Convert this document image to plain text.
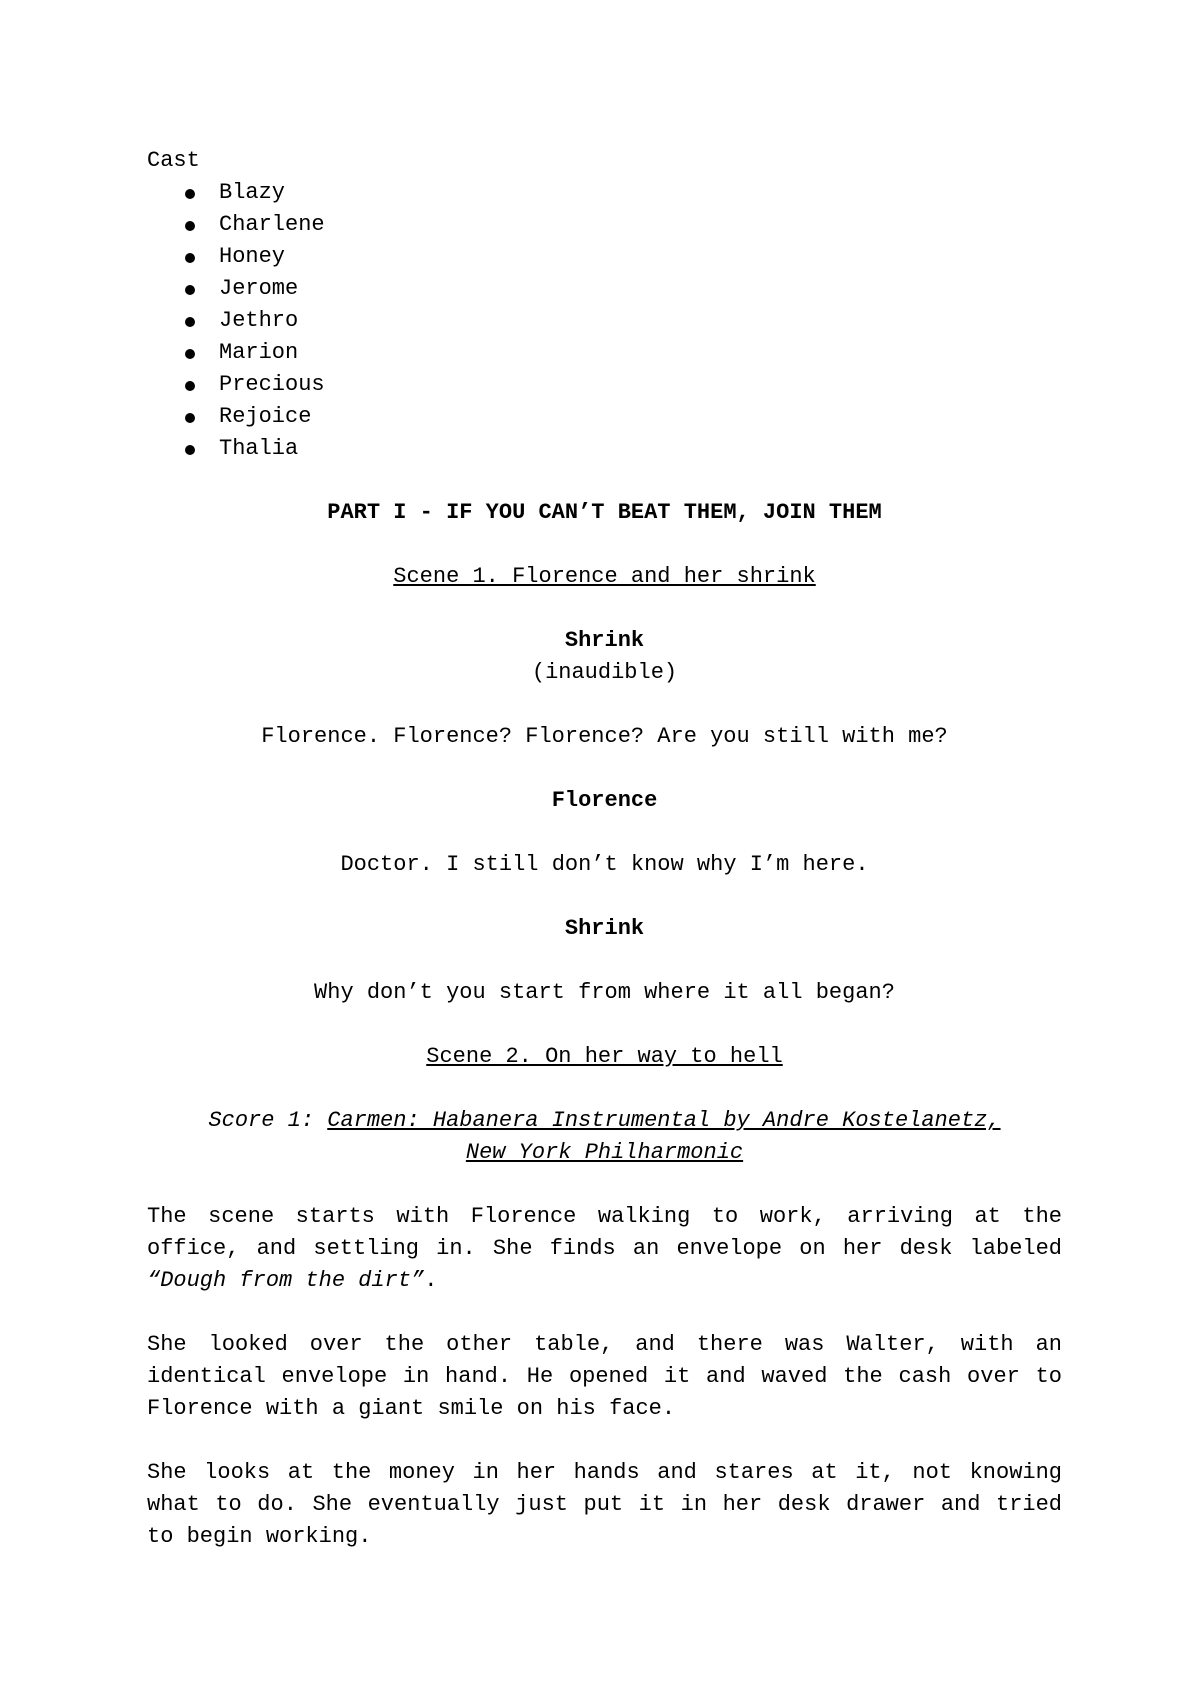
Cast

Blazy
Charlene
Honey
Jerome
Jethro
Marion
Precious
Rejoice
Thalia

PART I - IF YOU CAN’T BEAT THEM, JOIN THEM

Scene 1. Florence and her shrink

Shrink

(inaudible)

Florence. Florence? Florence? Are you still with me?

Florence

Doctor. I still don’t know why I’m here.

Shrink

Why don’t you start from where it all began?

Scene 2. On her way to hell

Score 1: Carmen: Habanera Instrumental by Andre Kostelanetz,
New York Philharmonic

The scene starts with Florence walking to work, arriving at the office, and settling in. She finds an envelope on her desk labeled “Dough from the dirt”.

She looked over the other table, and there was Walter, with an identical envelope in hand. He opened it and waved the cash over to Florence with a giant smile on his face.

She looks at the money in her hands and stares at it, not knowing what to do. She eventually just put it in her desk drawer and tried to begin working.
